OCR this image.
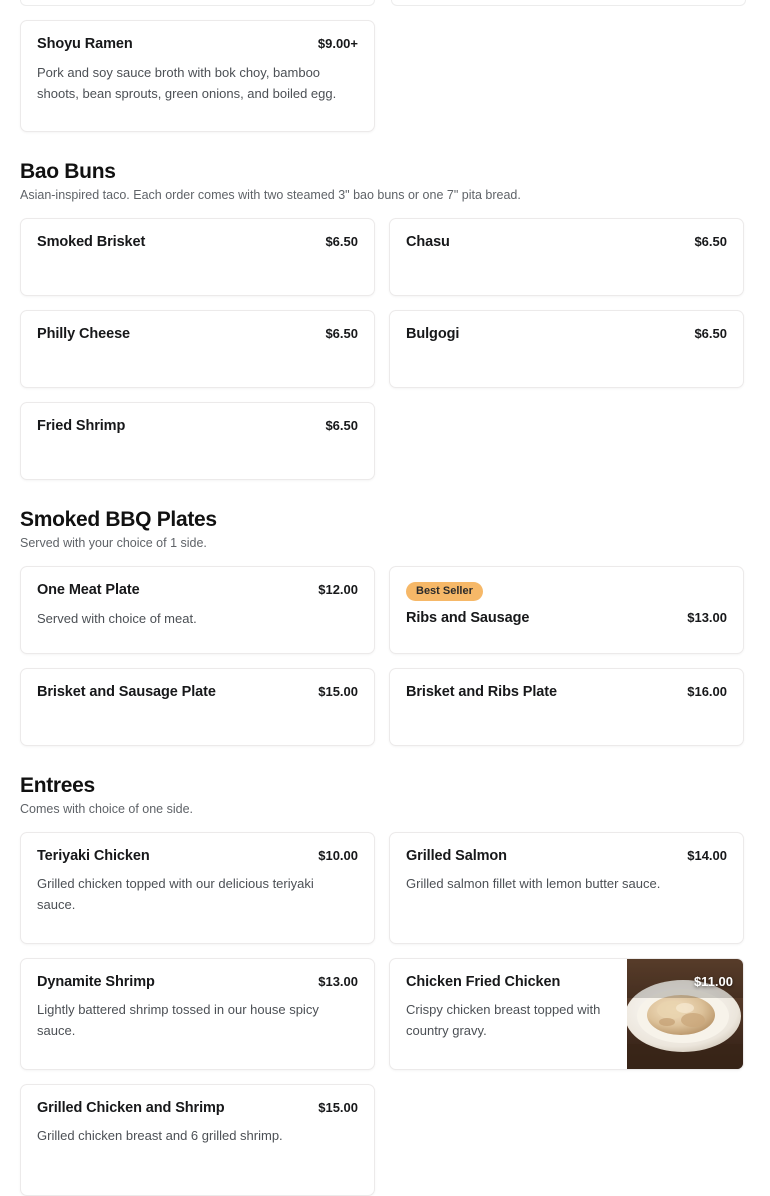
Shoyu Ramen	$9.00+
Pork and soy sauce broth with bok choy, bamboo shoots, bean sprouts, green onions, and boiled egg.
Bao Buns

Asian-inspired taco. Each order comes with two steamed 3" bao buns or one 7" pita bread.

Smoked Brisket	$6.50	Chasu	$6.50
Philly Cheese	$6.50	Bulgogi	$6.50
Fried Shrimp	$6.50
Smoked BBQ Plates

Served with your choice of 1 side.

One Meat Plate	$12.00
Served with choice of meat.
Best Seller
Ribs and Sausage	$13.00
Brisket and Sausage Plate	$15.00	Brisket and Ribs Plate	$16.00
Entrees

Comes with choice of one side.

Teriyaki Chicken	$10.00
Grilled chicken topped with our delicious teriyaki sauce.
Grilled Salmon	$14.00
Grilled salmon fillet with lemon butter sauce.
Dynamite Shrimp	$13.00
Lightly battered shrimp tossed in our house spicy sauce.
$11.00
Chicken Fried Chicken
Crispy chicken breast topped with country gravy.
Grilled Chicken and Shrimp	$15.00
Grilled chicken breast and 6 grilled shrimp.
